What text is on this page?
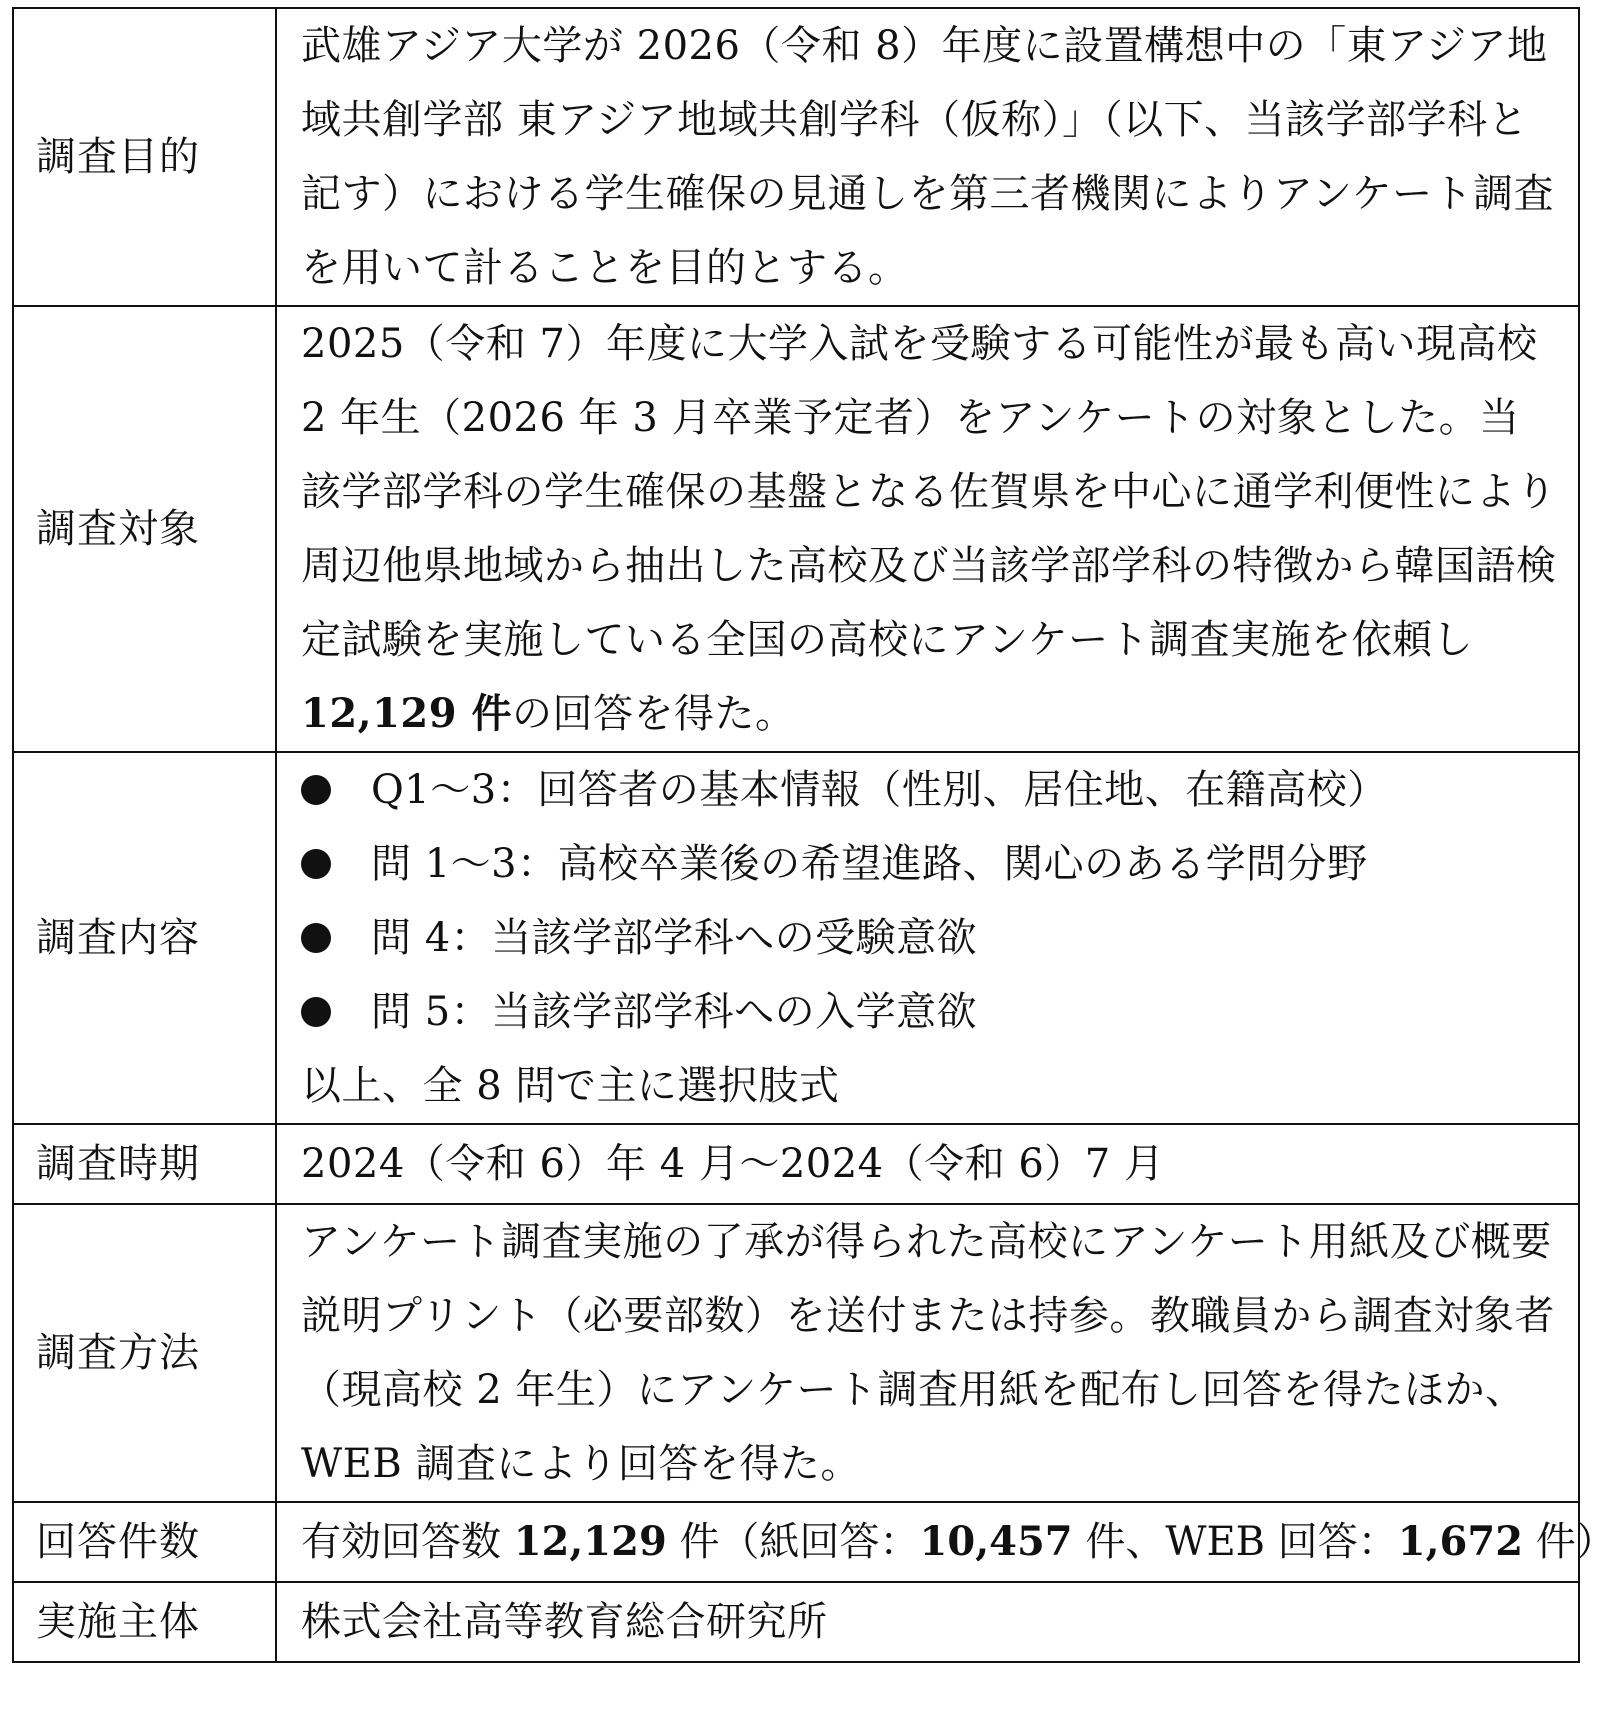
調査目的	武雄アジア大学が 2026（令和 8）年度に設置構想中の「東アジア地域共創学部 東アジア地域共創学科（仮称）」（以下、当該学部学科と記す）における学生確保の見通しを第三者機関によりアンケート調査を用いて計ることを目的とする。
調査対象	2025（令和 7）年度に大学入試を受験する可能性が最も高い現高校 2 年生（2026 年 3 月卒業予定者）をアンケートの対象とした。当該学部学科の学生確保の基盤となる佐賀県を中心に通学利便性により周辺他県地域から抽出した高校及び当該学部学科の特徴から韓国語検定試験を実施している全国の高校にアンケート調査実施を依頼し 12,129 件の回答を得た。
調査内容	Q1～3：回答者の基本情報（性別、居住地、在籍高校）
問 1～3：高校卒業後の希望進路、関心のある学問分野
問 4：当該学部学科への受験意欲
問 5：当該学部学科への入学意欲
以上、全 8 問で主に選択肢式

調査時期	2024（令和 6）年 4 月～2024（令和 6）7 月
調査方法	アンケート調査実施の了承が得られた高校にアンケート用紙及び概要説明プリント（必要部数）を送付または持参。教職員から調査対象者（現高校 2 年生）にアンケート調査用紙を配布し回答を得たほか、WEB 調査により回答を得た。
回答件数	有効回答数 12,129 件（紙回答：10,457 件、WEB 回答：1,672 件）
実施主体	株式会社高等教育総合研究所
